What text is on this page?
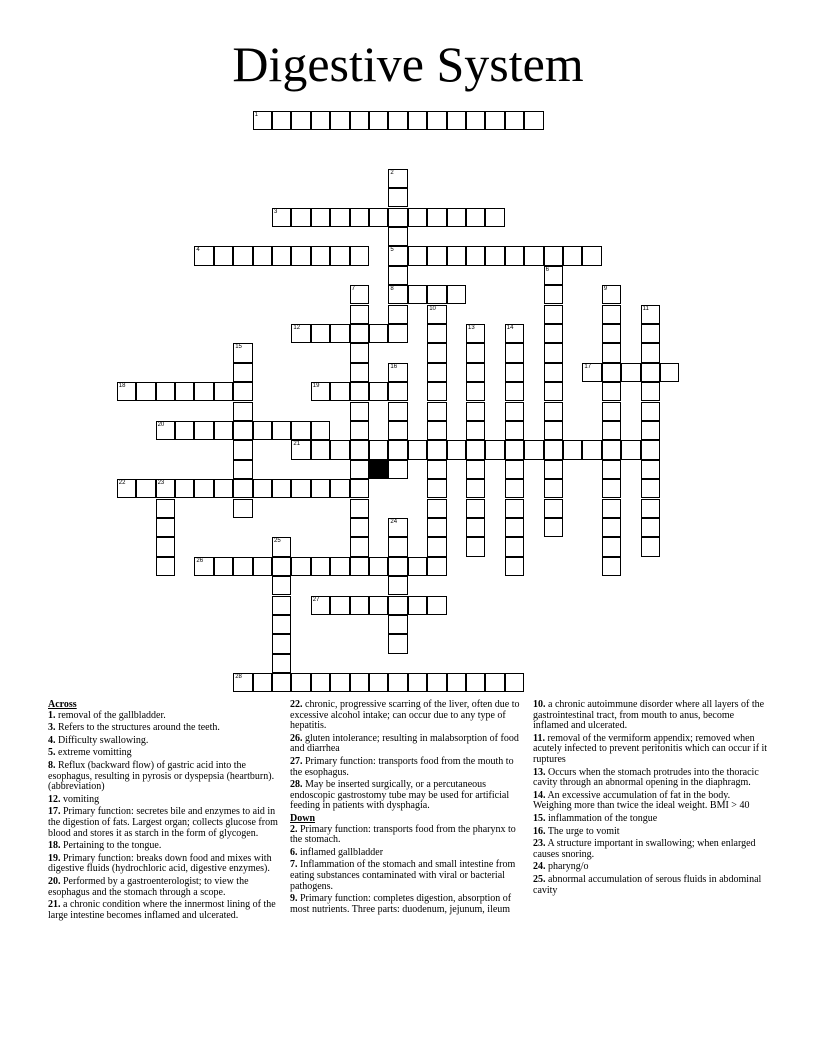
Digestive System
1
2
5
8
3
4
6
7	9
10	11
12	13	14
15
16	17
18	19
20
21
22	23
24
25
26
27
28
Across
1. removal of the gallbladder.
3. Refers to the structures around the teeth.
4. Difficulty swallowing.
5. extreme vomitting
8. Reflux (backward flow) of gastric acid into the esophagus, resulting in pyrosis or dyspepsia (heartburn). (abbreviation)
12. vomiting
17. Primary function: secretes bile and enzymes to aid in the digestion of fats. Largest organ; collects glucose from blood and stores it as starch in the form of glycogen.
18. Pertaining to the tongue.
19. Primary function: breaks down food and mixes with digestive fluids (hydrochloric acid, digestive enzymes).
20. Performed by a gastroenterologist; to view the esophagus and the stomach through a scope.
21. a chronic condition where the innermost lining of the large intestine becomes inflamed and ulcerated.
22. chronic, progressive scarring of the liver, often due to excessive alcohol intake; can occur due to any type of hepatitis.
26. gluten intolerance; resulting in malabsorption of food and diarrhea
27. Primary function: transports food from the mouth to the esophagus.
28. May be inserted surgically, or a percutaneous endoscopic gastrostomy tube may be used for artificial feeding in patients with dysphagia.
Down
2. Primary function: transports food from the pharynx to the stomach.
6. inflamed gallbladder
7. Inflammation of the stomach and small intestine from eating substances contaminated with viral or bacterial pathogens.
9. Primary function: completes digestion, absorption of most nutrients. Three parts: duodenum, jejunum, ileum
10. a chronic autoimmune disorder where all layers of the gastrointestinal tract, from mouth to anus, become inflamed and ulcerated.
11. removal of the vermiform appendix; removed when acutely infected to prevent peritonitis which can occur if it ruptures
13. Occurs when the stomach protrudes into the thoracic cavity through an abnormal opening in the diaphragm.
14. An excessive accumulation of fat in the body. Weighing more than twice the ideal weight. BMI > 40
15. inflammation of the tongue
16. The urge to vomit
23. A structure important in swallowing; when enlarged causes snoring.
24. pharyng/o
25. abnormal accumulation of serous fluids in abdominal cavity
